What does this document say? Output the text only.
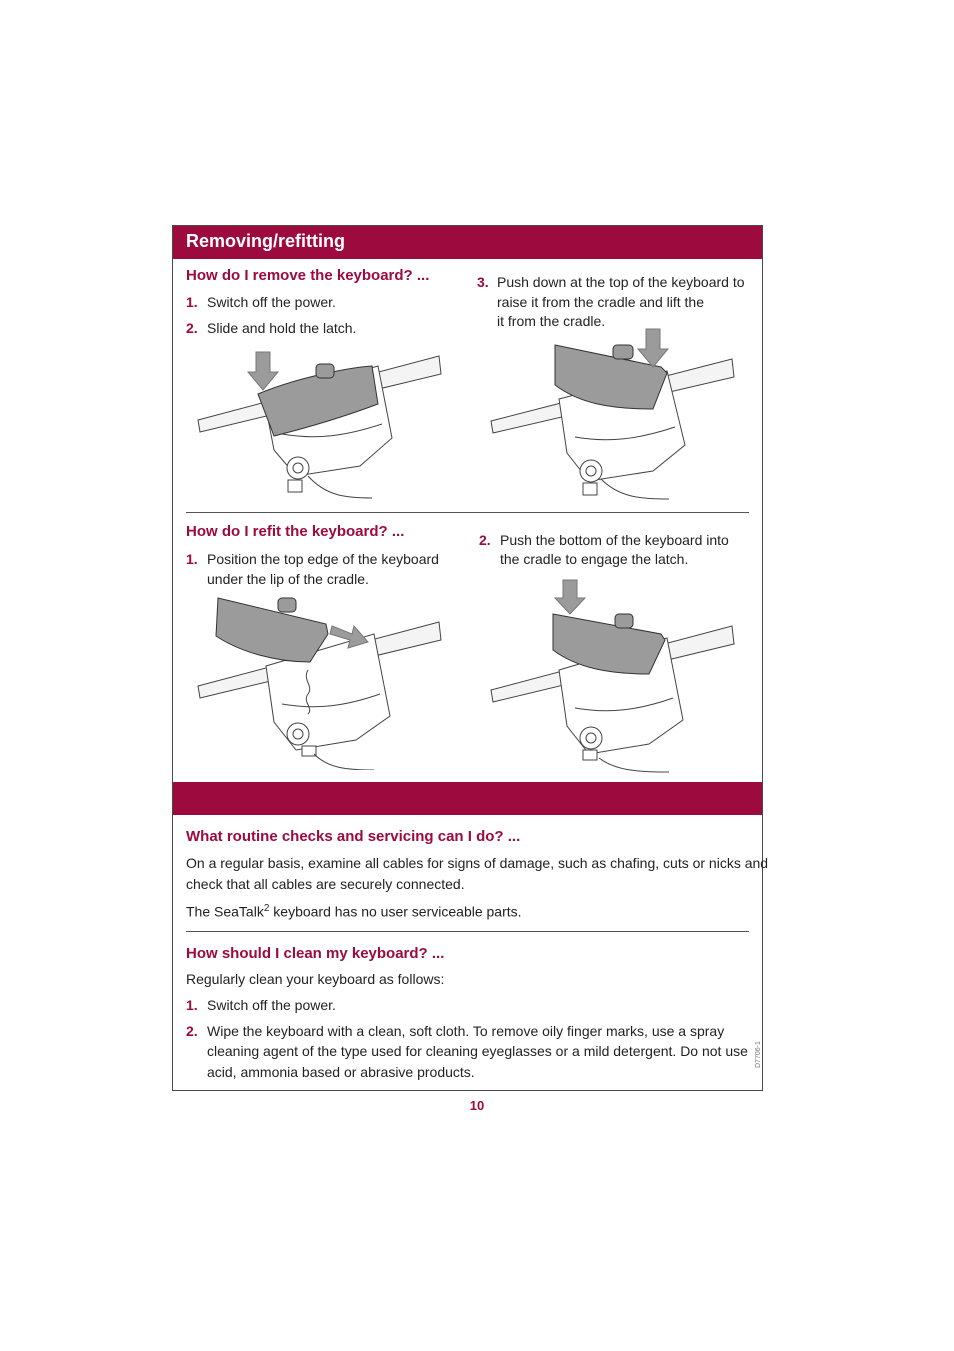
Removing/refitting
How do I remove the keyboard? ...
1. Switch off the power.
2. Slide and hold the latch.
3. Push down at the top of the keyboard to
raise it from the cradle and lift the
it from the cradle.
How do I refit the keyboard? ...
1. Position the top edge of the keyboard
under the lip of the cradle.
2. Push the bottom of the keyboard into
the cradle to engage the latch.
What routine checks and servicing can I do? ...
On a regular basis, examine all cables for signs of damage, such as chafing, cuts or nicks and
check that all cables are securely connected.
The SeaTalk$^2$ keyboard has no user serviceable parts.
How should I clean my keyboard? ...
Regularly clean your keyboard as follows:
1. Switch off the power.
2. Wipe the keyboard with a clean, soft cloth. To remove oily finger marks, use a spray
cleaning agent of the type used for cleaning eyeglasses or a mild detergent. Do not use
acid, ammonia based or abrasive products.
D7706-1
10
